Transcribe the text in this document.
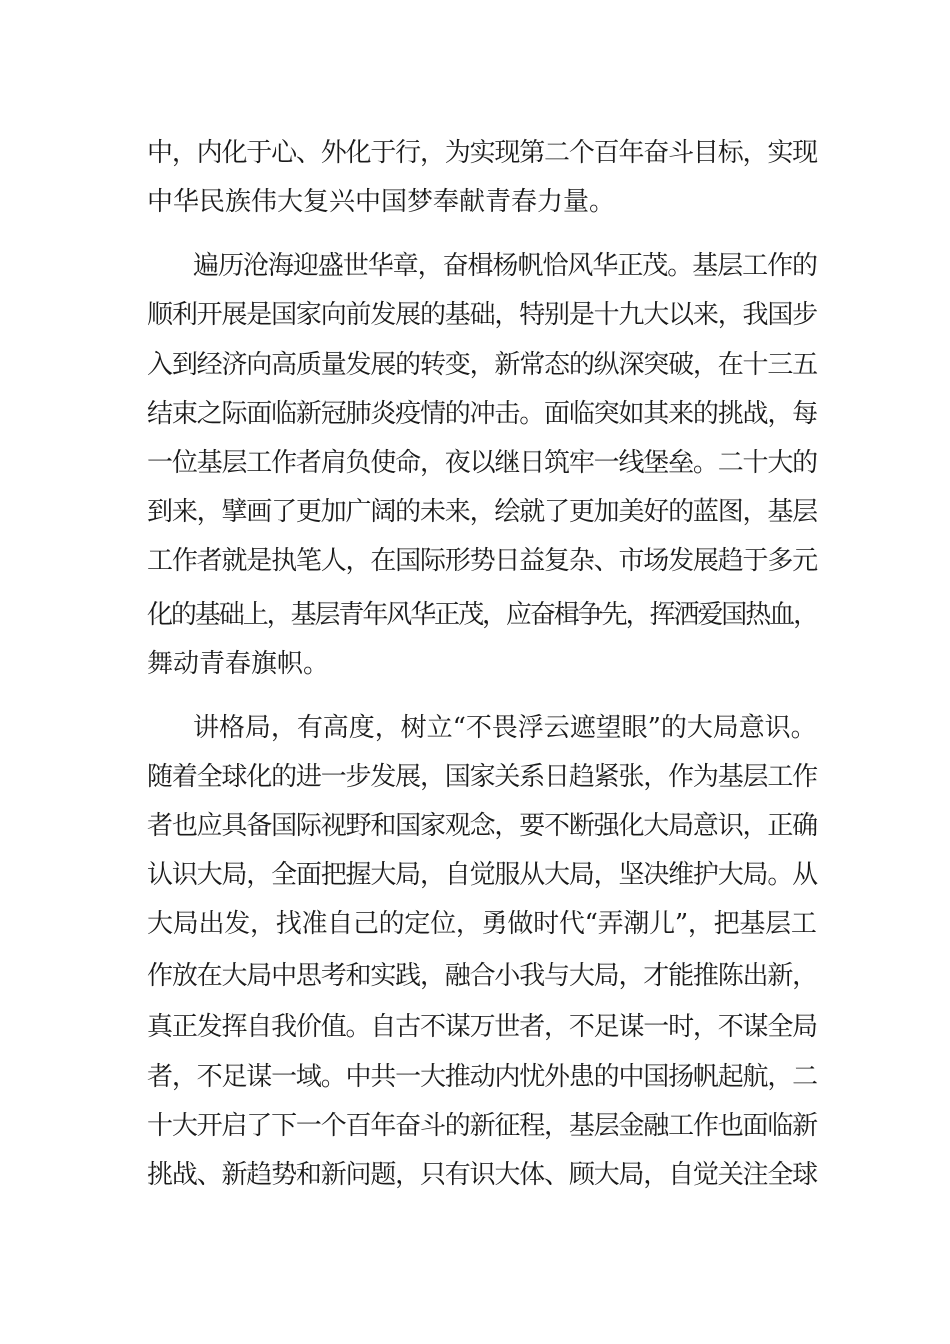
中，内化于心、外化于行，为实现第二个百年奋斗目标，实现
中华民族伟大复兴中国梦奉献青春力量。
遍历沧海迎盛世华章，奋楫杨帆恰风华正茂。基层工作的
顺利开展是国家向前发展的基础，特别是十九大以来，我国步
入到经济向高质量发展的转变，新常态的纵深突破，在十三五
结束之际面临新冠肺炎疫情的冲击。面临突如其来的挑战，每
一位基层工作者肩负使命，夜以继日筑牢一线堡垒。二十大的
到来，擘画了更加广阔的未来，绘就了更加美好的蓝图，基层
工作者就是执笔人，在国际形势日益复杂、市场发展趋于多元
化的基础上，基层青年风华正茂，应奋楫争先，挥洒爱国热血，
舞动青春旗帜。
讲格局，有高度，树立“不畏浮云遮望眼”的大局意识。
随着全球化的进一步发展，国家关系日趋紧张，作为基层工作
者也应具备国际视野和国家观念，要不断强化大局意识，正确
认识大局，全面把握大局，自觉服从大局，坚决维护大局。从
大局出发，找准自己的定位，勇做时代“弄潮儿”，把基层工
作放在大局中思考和实践，融合小我与大局，才能推陈出新，
真正发挥自我价值。自古不谋万世者，不足谋一时，不谋全局
者，不足谋一域。中共一大推动内忧外患的中国扬帆起航，二
十大开启了下一个百年奋斗的新征程，基层金融工作也面临新
挑战、新趋势和新问题，只有识大体、顾大局，自觉关注全球
